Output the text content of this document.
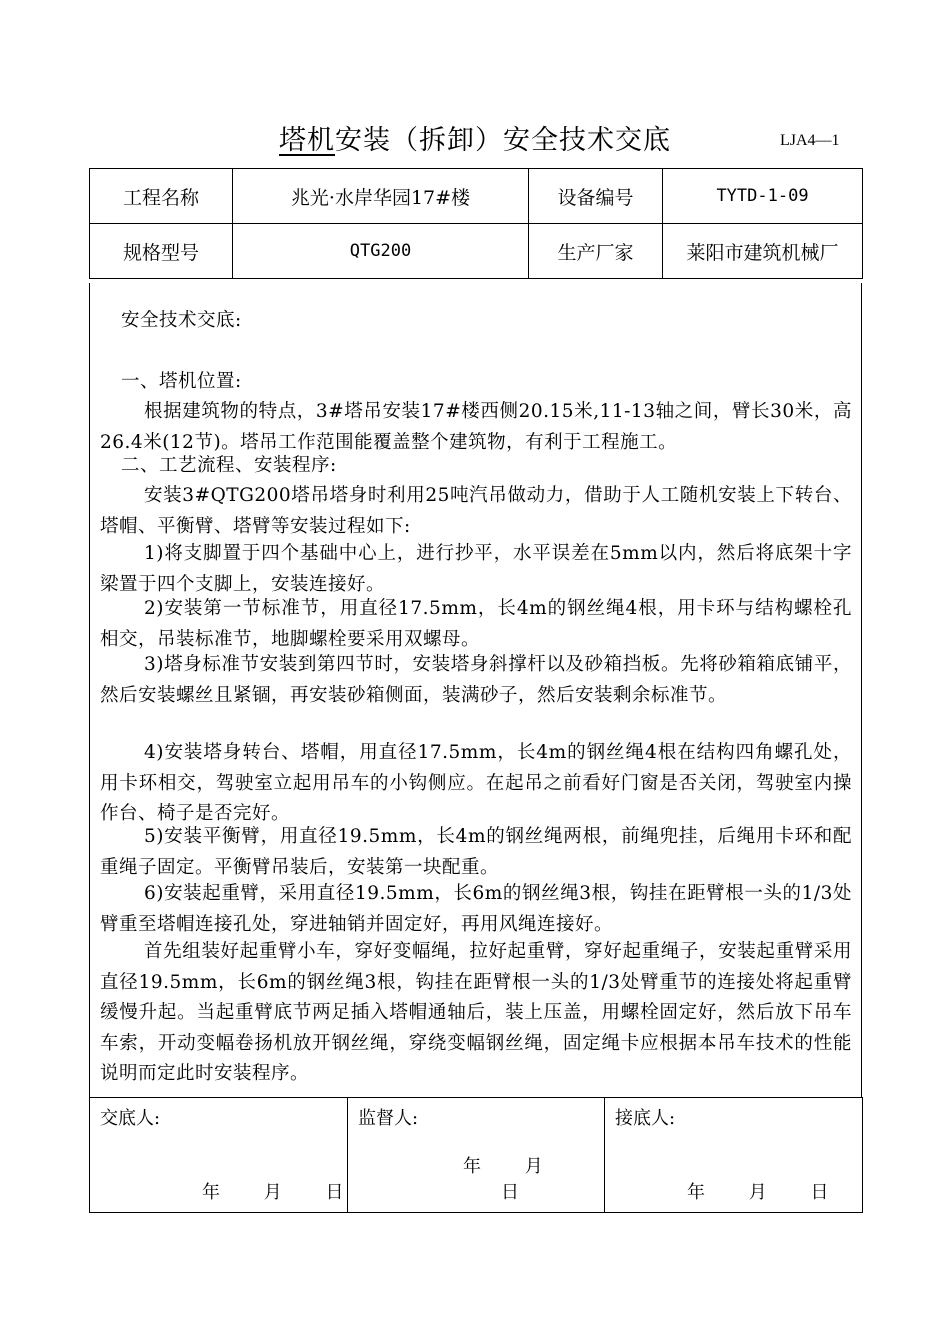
塔机安装（拆卸）安全技术交底	LJA4—1
工程名称	兆光·水岸华园17#楼	设备编号	TYTD-1-09
规格型号	QTG200	生产厂家	莱阳市建筑机械厂
安全技术交底:
一、塔机位置:
根据建筑物的特点，3#塔吊安装17#楼西侧20.15米,11-13轴之间，臂长30米，高26.4米(12节)。塔吊工作范围能覆盖整个建筑物，有利于工程施工。
二、工艺流程、安装程序:
安装3#QTG200塔吊塔身时利用25吨汽吊做动力，借助于人工随机安装上下转台、塔帽、平衡臂、塔臂等安装过程如下:
1)将支脚置于四个基础中心上，进行抄平，水平误差在5mm以内，然后将底架十字梁置于四个支脚上，安装连接好。
2)安装第一节标准节，用直径17.5mm，长4m的钢丝绳4根，用卡环与结构螺栓孔相交，吊装标准节，地脚螺栓要采用双螺母。
3)塔身标准节安装到第四节时，安装塔身斜撑杆以及砂箱挡板。先将砂箱箱底铺平，然后安装螺丝且紧锢，再安装砂箱侧面，装满砂子，然后安装剩余标准节。
4)安装塔身转台、塔帽，用直径17.5mm，长4m的钢丝绳4根在结构四角螺孔处，用卡环相交，驾驶室立起用吊车的小钩侧应。在起吊之前看好门窗是否关闭，驾驶室内操作台、椅子是否完好。
5)安装平衡臂，用直径19.5mm，长4m的钢丝绳两根，前绳兜挂，后绳用卡环和配重绳子固定。平衡臂吊装后，安装第一块配重。
6)安装起重臂，采用直径19.5mm，长6m的钢丝绳3根，钩挂在距臂根一头的1/3处臂重至塔帽连接孔处，穿进轴销并固定好，再用风绳连接好。
首先组装好起重臂小车，穿好变幅绳，拉好起重臂，穿好起重绳子，安装起重臂采用直径19.5mm，长6m的钢丝绳3根，钩挂在距臂根一头的1/3处臂重节的连接处将起重臂缓慢升起。当起重臂底节两足插入塔帽通轴后，装上压盖，用螺栓固定好，然后放下吊车车索，开动变幅卷扬机放开钢丝绳，穿绕变幅钢丝绳，固定绳卡应根据本吊车技术的性能说明而定此时安装程序。
交底人:
年 月 日

监督人:
年 月 日

接底人:
年 月 日
